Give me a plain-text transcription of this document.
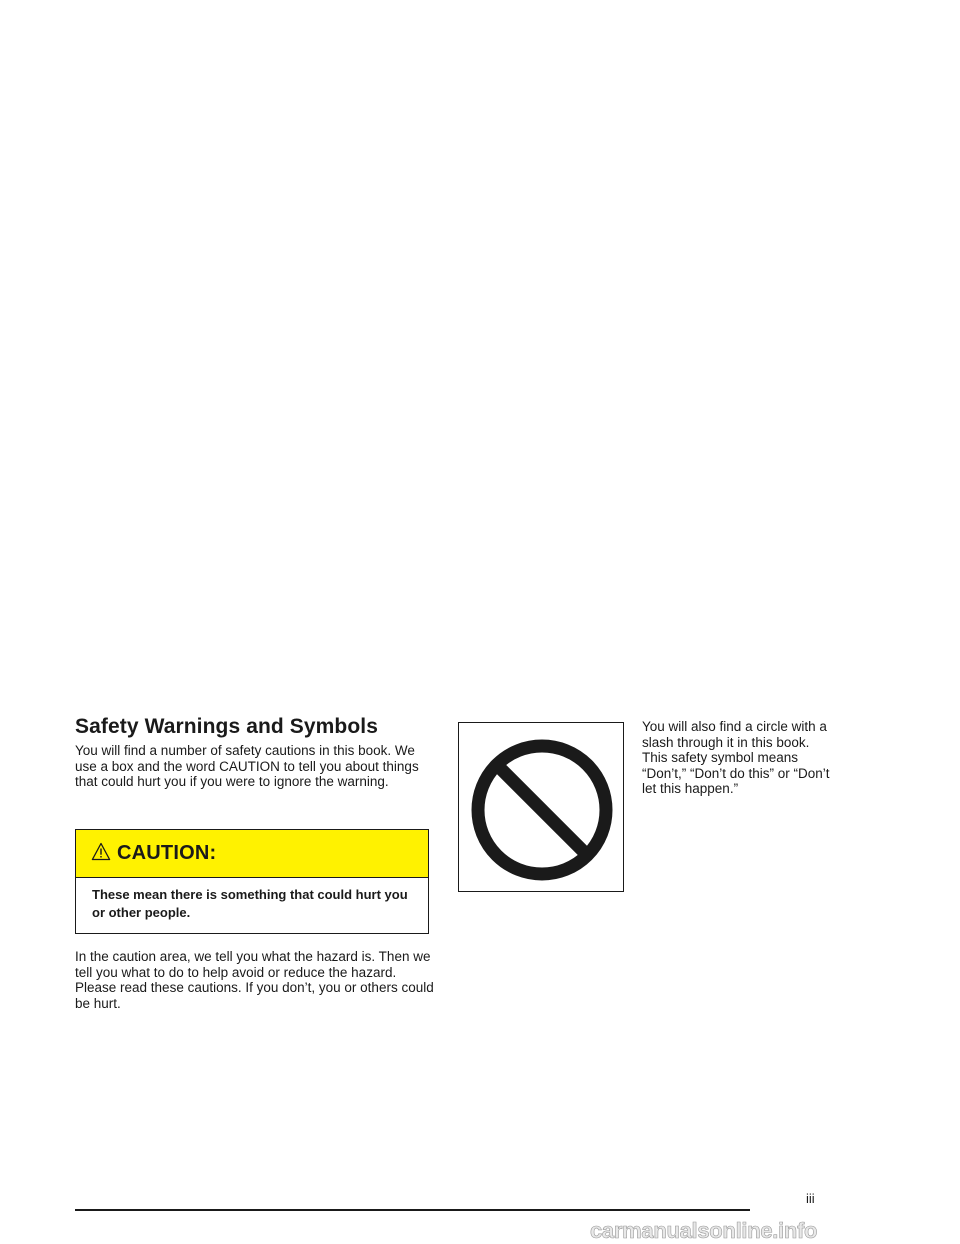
Safety Warnings and Symbols

You will find a number of safety cautions in this book. We use a box and the word CAUTION to tell you about things that could hurt you if you were to ignore the warning.

CAUTION:

These mean there is something that could hurt you or other people.

In the caution area, we tell you what the hazard is. Then we tell you what to do to help avoid or reduce the hazard. Please read these cautions. If you don’t, you or others could be hurt.

You will also find a circle with a slash through it in this book. This safety symbol means “Don’t,” “Don’t do this” or “Don’t let this happen.”

iii
carmanualsonline.info
